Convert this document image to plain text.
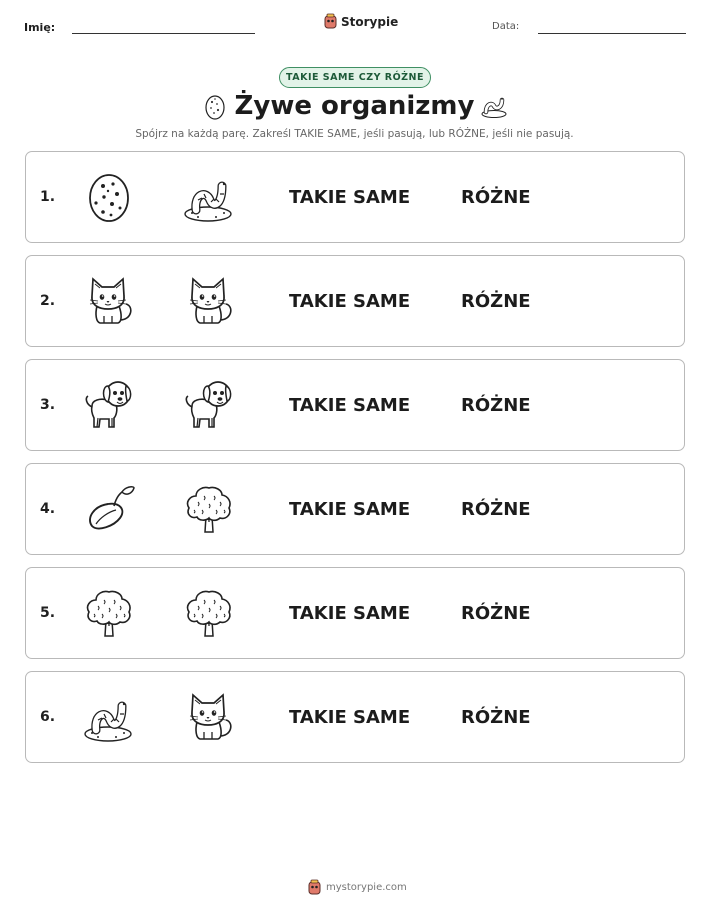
Imię:	Storypie	Data:
TAKIE SAME CZY RÓŻNE
Żywe organizmy
Spójrz na każdą parę. Zakreśl TAKIE SAME, jeśli pasują, lub RÓŻNE, jeśli nie pasują.
1.	TAKIE SAME	RÓŻNE
2.	TAKIE SAME	RÓŻNE
3.	TAKIE SAME	RÓŻNE
4.	TAKIE SAME	RÓŻNE
5.	TAKIE SAME	RÓŻNE
6.	TAKIE SAME	RÓŻNE
mystorypie.com
